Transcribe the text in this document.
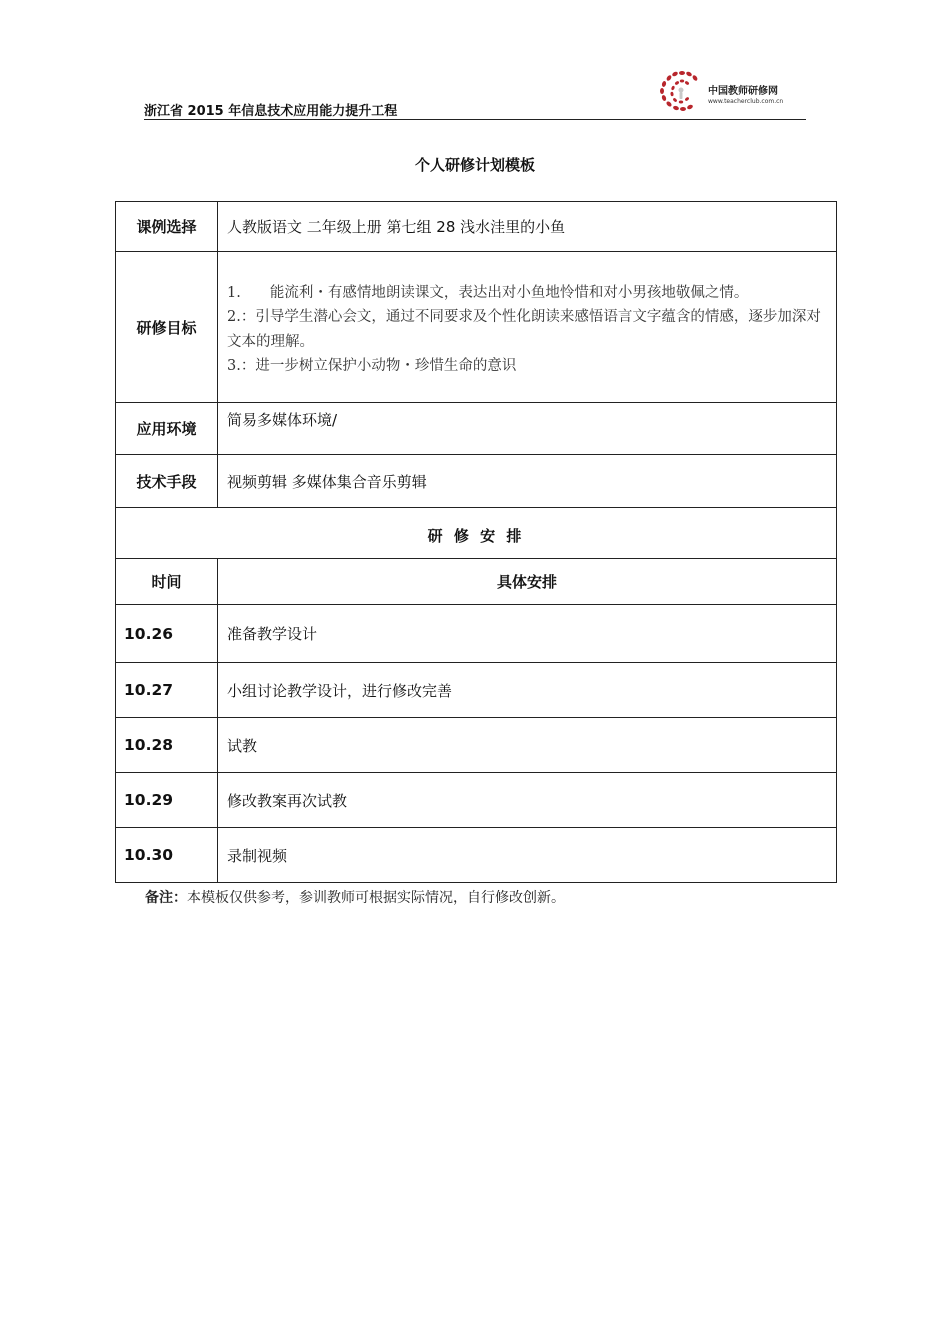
浙江省 2015 年信息技术应用能力提升工程
中国教师研修网
www.teacherclub.com.cn
个人研修计划模板
课例选择	人教版语文 二年级上册 第七组 28 浅水洼里的小鱼
研修目标	1.　　能流利・有感情地朗读课文，表达出对小鱼地怜惜和对小男孩地敬佩之情。

2.：引导学生潜心会文，通过不同要求及个性化朗读来感悟语言文字蕴含的情感，逐步加深对文本的理解。

3.：进一步树立保护小动物・珍惜生命的意识

应用环境	简易多媒体环境/
技术手段	视频剪辑 多媒体集合音乐剪辑
研 修 安 排	
时间	具体安排
10.26	准备教学设计
10.27	小组讨论教学设计，进行修改完善
10.28	试教
10.29	修改教案再次试教
10.30	录制视频
备注：本模板仅供参考，参训教师可根据实际情况，自行修改创新。
